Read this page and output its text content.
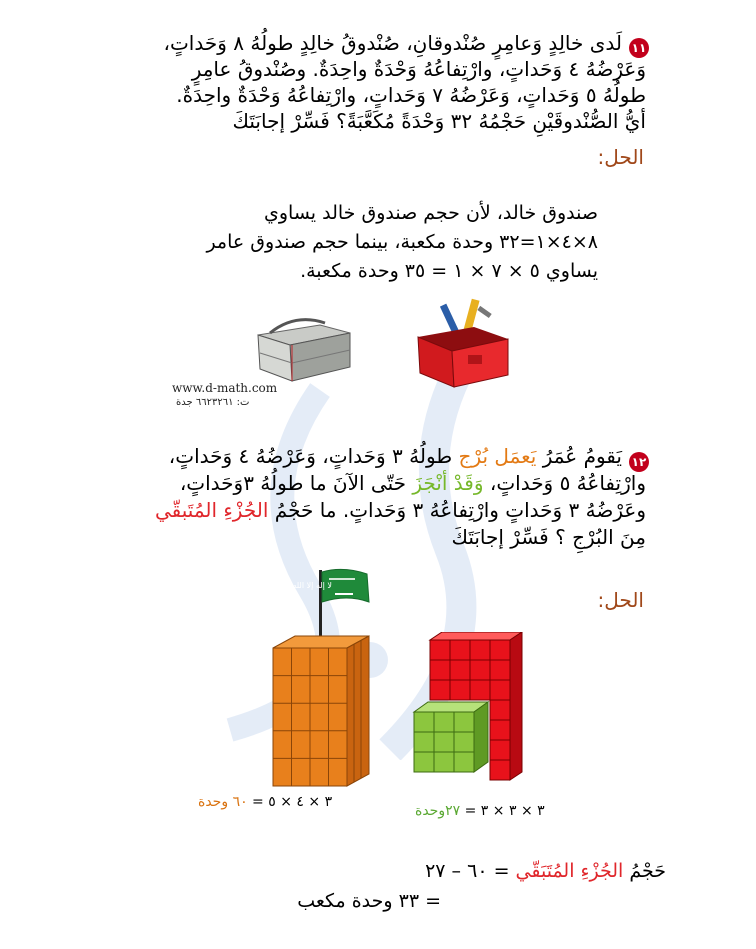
١١
لَدى خالِدٍ وَعامِرٍ صُنْدوقانِ، صُنْدوقُ خالِدٍ طولُهُ ٨ وَحَداتٍ،
وَعَرْضُهُ ٤ وَحَداتٍ، وارْتِفاعُهُ وَحْدَةٌ واحِدَةٌ. وصُنْدوقُ عامِرٍ
طولُهُ ٥ وَحَداتٍ، وَعَرْضُهُ ٧ وَحَداتٍ، وارْتِفاعُهُ وَحْدَةٌ واحِدَةٌ.
أيُّ الصُّنْدوقَيْنِ حَجْمُهُ ٣٢ وَحْدَةً مُكَعَّبَةً؟ فَسِّرْ إجابَتَكَ
الحل:
صندوق خالد، لأن حجم صندوق خالد يساوي
٨×٤×١=٣٢ وحدة مكعبة، بينما حجم صندوق عامر
يساوي ٥ × ٧ × ١ = ٣٥ وحدة مكعبة.
www.d-math.com
ت: ٦٦٢٣٢٦١ جدة
١٢
يَقومُ عُمَرُ يَعمَل بُرْج طولُهُ ٣ وَحَداتٍ، وَعَرْضُهُ ٤ وَحَداتٍ،
وارْتِفاعُهُ ٥ وَحَداتٍ، وَقَدْ أنْجَزَ حَتّى الآنَ ما طولُهُ ٣وَحَداتٍ،
وعَرْضُهُ ٣ وَحَداتٍ وارْتِفاعُهُ ٣ وَحَداتٍ. ما حَجْمُ الجُزْءِ المُتَبقّي
مِنَ البُرْجِ ؟ فَسِّرْ إجابَتَكَ
الحل:
لا إله إلا الله
٣ × ٤ × ٥ = ٦٠ وحدة
٣ × ٣ × ٣ = ٢٧وحدة
حَجْمُ الجُزْءِ المُتَبَقّي = ٦٠ – ٢٧
= ٣٣ وحدة مكعب
